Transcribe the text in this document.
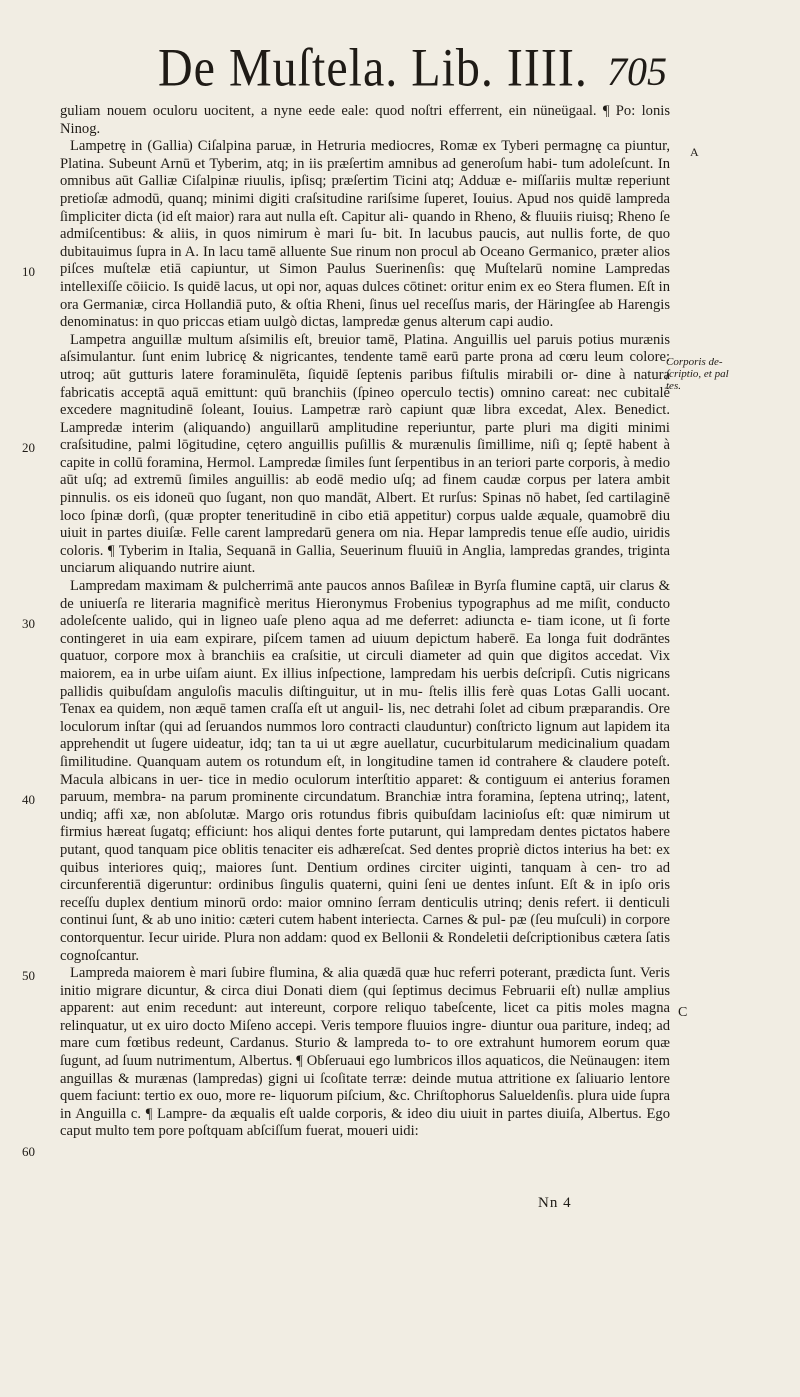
De Muſtela. Lib. IIII. 705

guliam nouem oculoru uocitent, a nyne eede eale: quod noſtri efferrent, ein nüneügaal. ¶ Po: lonis Ninog.

Lampetrę in (Gallia) Ciſalpina paruæ, in Hetruria mediocres, Romæ ex Tyberi permagnę ca piuntur, Platina. Subeunt Arnū et Tyberim, atq; in iis præſertim amnibus ad generoſum habi- tum adoleſcunt. In omnibus aūt Galliæ Ciſalpinæ riuulis, ipſisq; præſertim Ticini atq; Adduæ e- miſſariis multæ reperiunt pretioſæ admodū, quanq; minimi digiti craſsitudine rariſsime ſuperet, Iouius. Apud nos quidē lampreda ſimpliciter dicta (id eſt maior) rara aut nulla eſt. Capitur ali- quando in Rheno, & fluuiis riuisq; Rheno ſe admiſcentibus: & aliis, in quos nimirum è mari ſu- bit. In lacubus paucis, aut nullis forte, de quo dubitauimus ſupra in A. In lacu tamē alluente Sue rinum non procul ab Oceano Germanico, præter alios piſces muſtelæ etiā capiuntur, ut Simon Paulus Suerinenſis: quę Muſtelarū nomine Lampredas intellexiſſe cōiicio. Is quidē lacus, ut opi nor, aquas dulces cōtinet: oritur enim ex eo Stera flumen. Eſt in ora Germaniæ, circa Hollandiā puto, & oſtia Rheni, ſinus uel receſſus maris, der Häringſee ab Harengis denominatus: in quo priccas etiam uulgò dictas, lampredæ genus alterum capi audio.

Lampetra anguillæ multum aſsimilis eſt, breuior tamē, Platina. Anguillis uel paruis potius murænis aſsimulantur. ſunt enim lubricę & nigricantes, tendente tamē earū parte prona ad cœru leum colore: utroq; aūt gutturis latere foraminulēta, ſiquidē ſeptenis paribus fiſtulis mirabili or- dine à natura fabricatis acceptā aquā emittunt: quū branchiis (ſpineo operculo tectis) omnino careat: nec cubitalē excedere magnitudinē ſoleant, Iouius. Lampetræ rarò capiunt quæ libra excedat, Alex. Benedict. Lampredæ interim (aliquando) anguillarū amplitudine reperiuntur, parte pluri ma digiti minimi craſsitudine, palmi lōgitudine, cętero anguillis puſillis & murænulis ſimillime, niſi q; ſeptē habent à capite in collū foramina, Hermol. Lampredæ ſimiles ſunt ſerpentibus in an teriori parte corporis, à medio aūt uſq; ad extremū ſimiles anguillis: ab eodē medio uſq; ad finem caudæ corpus per latera ambit pinnulis. os eis idoneū quo ſugant, non quo mandāt, Albert. Et rurſus: Spinas nō habet, ſed cartilaginē loco ſpinæ dorſi, (quæ propter teneritudinē in cibo etiā appetitur) corpus ualde æquale, quamobrē diu uiuit in partes diuiſæ. Felle carent lampredarū genera om nia. Hepar lampredis tenue eſſe audio, uiridis coloris. ¶ Tyberim in Italia, Sequanā in Gallia, Seuerinum fluuiū in Anglia, lampredas grandes, triginta unciarum aliquando nutrire aiunt.

Lampredam maximam & pulcherrimā ante paucos annos Baſileæ in Byrſa flumine captā, uir clarus & de uniuerſa re literaria magnificè meritus Hieronymus Frobenius typographus ad me miſit, conducto adoleſcente ualido, qui in ligneo uaſe pleno aqua ad me deferret: adiuncta e- tiam icone, ut ſi forte contingeret in uia eam expirare, piſcem tamen ad uiuum depictum haberē. Ea longa fuit dodrāntes quatuor, corpore mox à branchiis ea craſsitie, ut circuli diameter ad quin que digitos accedat. Vix maiorem, ea in urbe uiſam aiunt. Ex illius inſpectione, lampredam his uerbis deſcripſi. Cutis nigricans pallidis quibuſdam anguloſis maculis diſtinguitur, ut in mu- ſtelis illis ferè quas Lotas Galli uocant. Tenax ea quidem, non æquē tamen craſſa eſt ut anguil- lis, nec detrahi ſolet ad cibum præparandis. Ore loculorum inſtar (qui ad ſeruandos nummos loro contracti clauduntur) conſtricto lignum aut lapidem ita apprehendit ut ſugere uideatur, idq; tan ta ui ut ægre auellatur, cucurbitularum medicinalium quadam ſimilitudine. Quanquam autem os rotundum eſt, in longitudine tamen id contrahere & claudere poteſt. Macula albicans in uer- tice in medio oculorum interſtitio apparet: & contiguum ei anterius foramen paruum, membra- na parum prominente circundatum. Branchiæ intra foramina, ſeptena utrinq;, latent, undiq; affi xæ, non abſolutæ. Margo oris rotundus fibris quibuſdam lacinioſus eſt: quæ nimirum ut firmius hæreat ſugatq; efficiunt: hos aliqui dentes forte putarunt, qui lampredam dentes pictatos habere putant, quod tanquam pice oblitis tenaciter eis adhæreſcat. Sed dentes propriè dictos interius ha bet: ex quibus interiores quiq;, maiores ſunt. Dentium ordines circiter uiginti, tanquam à cen- tro ad circunferentiā digeruntur: ordinibus ſingulis quaterni, quini ſeni ue dentes inſunt. Eſt & in ipſo oris receſſu duplex dentium minorū ordo: maior omnino ſerram denticulis utrinq; denis refert. ii denticuli continui ſunt, & ab uno initio: cæteri cutem habent interiecta. Carnes & pul- pæ (ſeu muſculi) in corpore contorquentur. Iecur uiride. Plura non addam: quod ex Bellonii & Rondeletii deſcriptionibus cætera ſatis cognoſcantur.

Lampreda maiorem è mari ſubire flumina, & alia quædā quæ huc referri poterant, prædicta ſunt. Veris initio migrare dicuntur, & circa diui Donati diem (qui ſeptimus decimus Februarii eſt) nullæ amplius apparent: aut enim recedunt: aut intereunt, corpore reliquo tabeſcente, licet ca pitis moles magna relinquatur, ut ex uiro docto Miſeno accepi. Veris tempore fluuios ingre- diuntur oua pariture, indeq; ad mare cum fœtibus redeunt, Cardanus. Sturio & lampreda to- to ore extrahunt humorem eorum quæ ſugunt, ad ſuum nutrimentum, Albertus. ¶ Obſeruaui ego lumbricos illos aquaticos, die Neünaugen: item anguillas & murænas (lampredas) gigni ui ſcoſitate terræ: deinde mutua attritione ex ſaliuario lentore quem faciunt: tertio ex ouo, more re- liquorum piſcium, &c. Chriſtophorus Salueldenſis. plura uide ſupra in Anguilla c. ¶ Lampre- da æqualis eſt ualde corporis, & ideo diu uiuit in partes diuiſa, Albertus. Ego caput multo tem pore poſtquam abſciſſum fuerat, moueri uidi:

A
Corporis de- ſcriptio, et pal tes.
C
10
20
30
40
50
60
Nn 4
